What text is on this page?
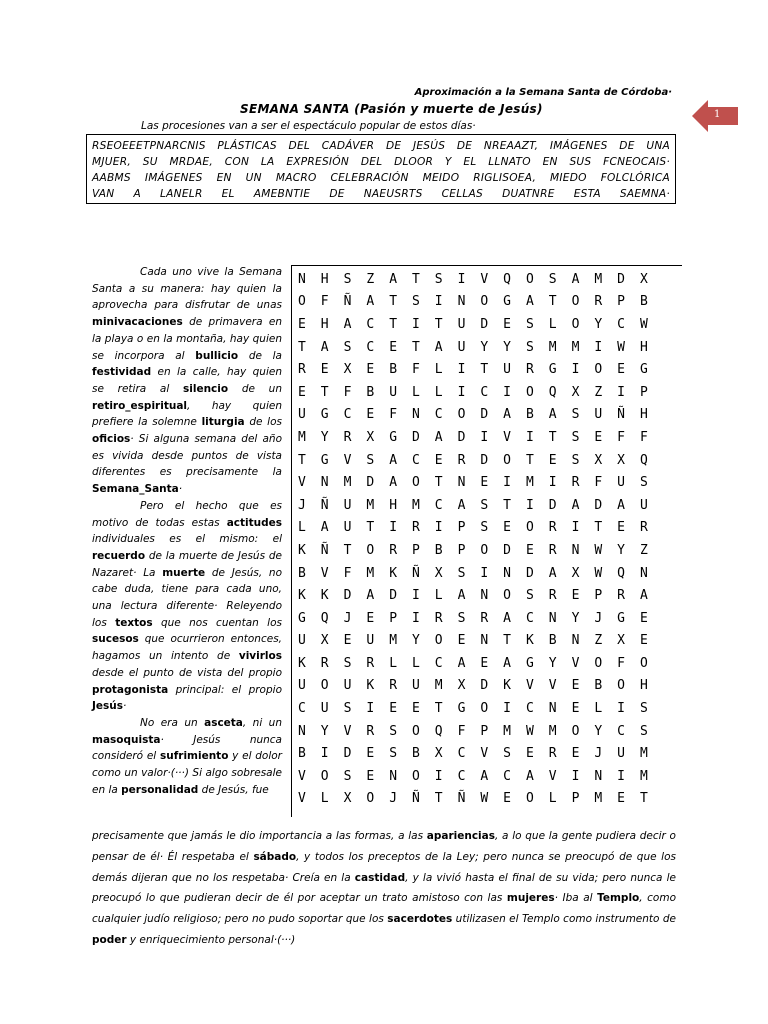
Aproximación a la Semana Santa de Córdoba·
1
SEMANA SANTA (Pasión y muerte de Jesús)
Las procesiones van a ser el espectáculo popular de estos días·
RSEOEEETPNARCNIS PLÁSTICAS DEL CADÁVER DE JESÚS DE NREAAZT, IMÁGENES DE UNA
MJUER, SU MRDAE, CON LA EXPRESIÓN DEL DLOOR Y EL LLNATO EN SUS FCNEOCAIS·
AABMS IMÁGENES EN UN MACRO CELEBRACIÓN MEIDO RIGLISOEA, MIEDO FOLCLÓRICA
VAN A LANELR EL AMEBNTIE DE NAEUSRTS CELLAS DUATNRE ESTA SAEMNA·

Cada uno vive la Semana Santa a su manera: hay quien la aprovecha para disfrutar de unas minivacaciones de primavera en la playa o en la montaña, hay quien se incorpora al bullicio de la festividad en la calle, hay quien se retira al silencio de un retiro_espiritual, hay quien prefiere la solemne liturgia de los oficios· Si alguna semana del año es vivida desde puntos de vista diferentes es precisamente la Semana_Santa·

Pero el hecho que es motivo de todas estas actitudes individuales es el mismo: el recuerdo de la muerte de Jesús de Nazaret· La muerte de Jesús, no cabe duda, tiene para cada uno, una lectura diferente· Releyendo los textos que nos cuentan los sucesos que ocurrieron entonces, hagamos un intento de vivirlos desde el punto de vista del propio protagonista principal: el propio Jesús·

No era un asceta, ni un masoquista· Jesús nunca consideró el sufrimiento y el dolor como un valor·(···) Si algo sobresale en la personalidad de Jesús, fue

N	H	S	Z	A	T	S	I	V	Q	O	S	A	M	D	X
O	F	Ñ	A	T	S	I	N	O	G	A	T	O	R	P	B
E	H	A	C	T	I	T	U	D	E	S	L	O	Y	C	W
T	A	S	C	E	T	A	U	Y	Y	S	M	M	I	W	H
R	E	X	E	B	F	L	I	T	U	R	G	I	O	E	G
E	T	F	B	U	L	L	I	C	I	O	Q	X	Z	I	P
U	G	C	E	F	N	C	O	D	A	B	A	S	U	Ñ	H
M	Y	R	X	G	D	A	D	I	V	I	T	S	E	F	F
T	G	V	S	A	C	E	R	D	O	T	E	S	X	X	Q
V	N	M	D	A	O	T	N	E	I	M	I	R	F	U	S
J	Ñ	U	M	H	M	C	A	S	T	I	D	A	D	A	U
L	A	U	T	I	R	I	P	S	E	O	R	I	T	E	R
K	Ñ	T	O	R	P	B	P	O	D	E	R	N	W	Y	Z
B	V	F	M	K	Ñ	X	S	I	N	D	A	X	W	Q	N
K	K	D	A	D	I	L	A	N	O	S	R	E	P	R	A
G	Q	J	E	P	I	R	S	R	A	C	N	Y	J	G	E
U	X	E	U	M	Y	O	E	N	T	K	B	N	Z	X	E
K	R	S	R	L	L	C	A	E	A	G	Y	V	O	F	O
U	O	U	K	R	U	M	X	D	K	V	V	E	B	O	H
C	U	S	I	E	E	T	G	O	I	C	N	E	L	I	S
N	Y	V	R	S	O	Q	F	P	M	W	M	O	Y	C	S
B	I	D	E	S	B	X	C	V	S	E	R	E	J	U	M
V	O	S	E	N	O	I	C	A	C	A	V	I	N	I	M
V	L	X	O	J	Ñ	T	Ñ	W	E	O	L	P	M	E	T
precisamente que jamás le dio importancia a las formas, a las apariencias, a lo que la gente pudiera decir o pensar de él· Él respetaba el sábado, y todos los preceptos de la Ley; pero nunca se preocupó de que los demás dijeran que no los respetaba· Creía en la castidad, y la vivió hasta el final de su vida; pero nunca le preocupó lo que pudieran decir de él por aceptar un trato amistoso con las mujeres· Iba al Templo, como cualquier judío religioso; pero no pudo soportar que los sacerdotes utilizasen el Templo como instrumento de poder y enriquecimiento personal·(···)
